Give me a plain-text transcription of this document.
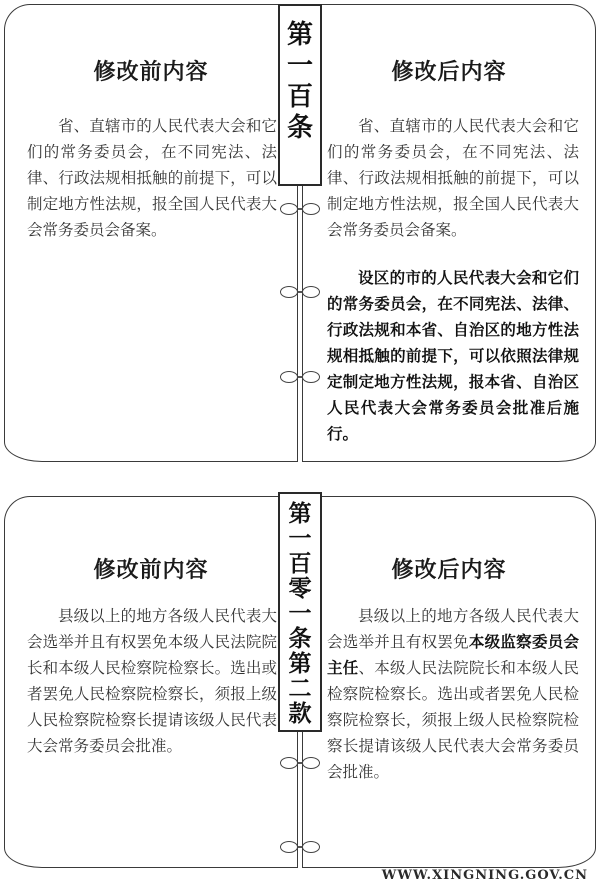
修改前内容

省、直辖市的人民代表大会和它们的常务委员会，在不同宪法、法律、行政法规相抵触的前提下，可以制定地方性法规，报全国人民代表大会常务委员会备案。

修改后内容

省、直辖市的人民代表大会和它们的常务委员会，在不同宪法、法律、行政法规相抵触的前提下，可以制定地方性法规，报全国人民代表大会常务委员会备案。

设区的市的人民代表大会和它们的常务委员会，在不同宪法、法律、行政法规和本省、自治区的地方性法规相抵触的前提下，可以依照法律规定制定地方性法规，报本省、自治区人民代表大会常务委员会批准后施行。

第
一
百
条
修改前内容

县级以上的地方各级人民代表大会选举并且有权罢免本级人民法院院长和本级人民检察院检察长。选出或者罢免人民检察院检察长，须报上级人民检察院检察长提请该级人民代表大会常务委员会批准。

修改后内容

县级以上的地方各级人民代表大会选举并且有权罢免本级监察委员会主任、本级人民法院院长和本级人民检察院检察长。选出或者罢免人民检察院检察长，须报上级人民检察院检察长提请该级人民代表大会常务委员会批准。

第
一
百
零
一
条
第
二
款
WWW.XINGNING.GOV.CN
